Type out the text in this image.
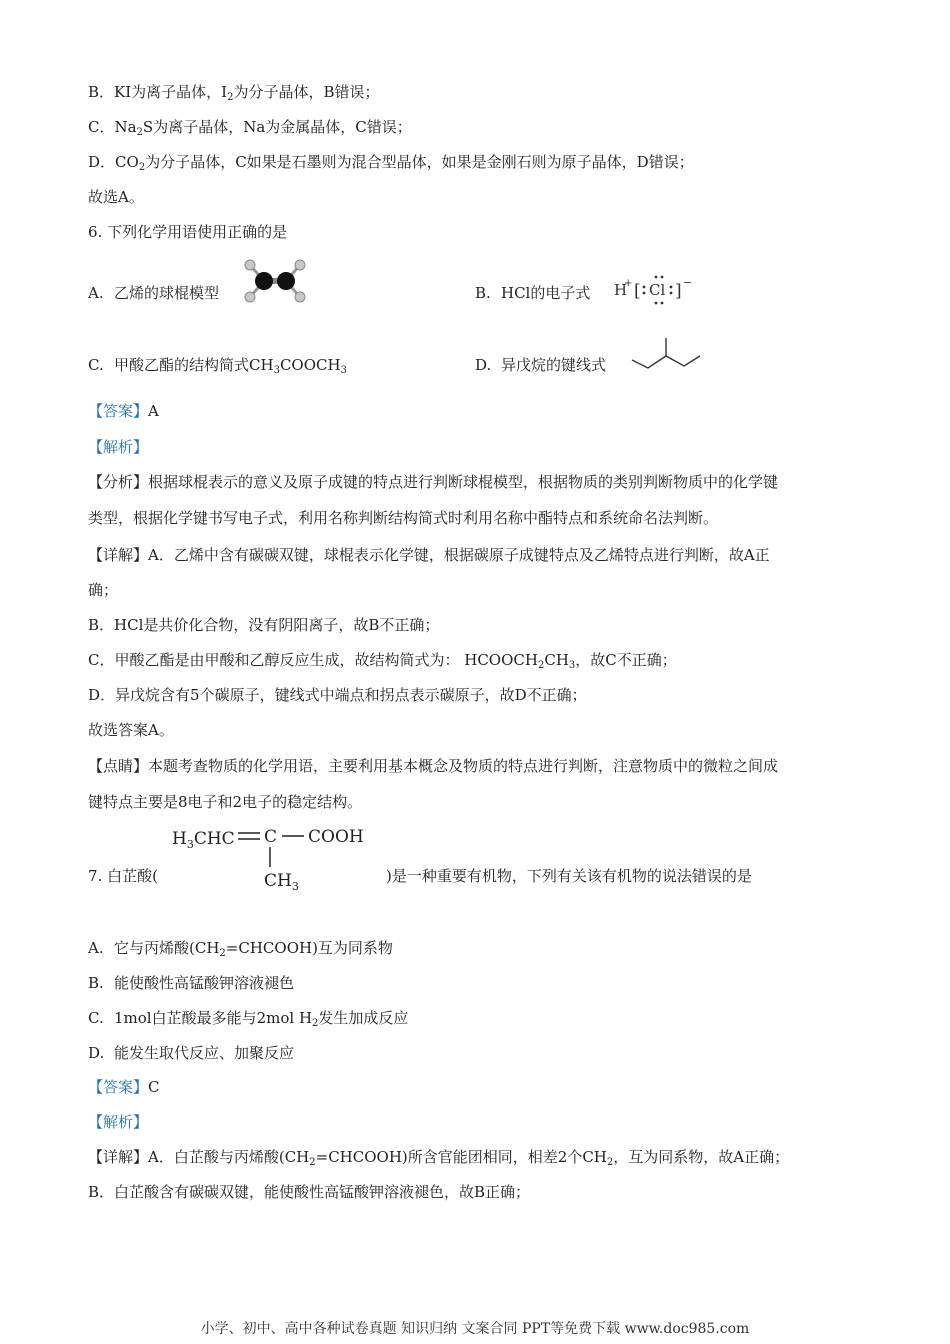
B．KI为离子晶体，$I_2$为分子晶体，B错误；
C．$Na_2S$为离子晶体，Na为金属晶体，C错误；
D．$CO_2$为分子晶体，C如果是石墨则为混合型晶体，如果是金刚石则为原子晶体，D错误；
故选A。
6. 下列化学用语使用正确的是
A. 乙烯的球棍模型	B. HCl的电子式 H
+ [ Cl ] −
C. 甲酸乙酯的结构简式$CH_3COOCH_3$	D. 异戊烷的键线式
【答案】A
【解析】
【分析】根据球棍表示的意义及原子成键的特点进行判断球棍模型，根据物质的类别判断物质中的化学键
类型，根据化学键书写电子式，利用名称判断结构简式时利用名称中酯特点和系统命名法判断。
【详解】A．乙烯中含有碳碳双键，球棍表示化学键，根据碳原子成键特点及乙烯特点进行判断，故A正
确；
B．HCl是共价化合物，没有阴阳离子，故B不正确；
C．甲酸乙酯是由甲酸和乙醇反应生成，故结构简式为： $HCOOCH_2CH_3$，故C不正确；
D．异戊烷含有5个碳原子，键线式中端点和拐点表示碳原子，故D不正确；
故选答案A。
【点睛】本题考查物质的化学用语，主要利用基本概念及物质的特点进行判断，注意物质中的微粒之间成
键特点主要是8电子和2电子的稳定结构。
7. 白芷酸(
$H_3CHC$ C COOH
$CH_3$
)是一种重要有机物，下列有关该有机物的说法错误的是
A. 它与丙烯酸$(CH_2=CHCOOH)$互为同系物
B. 能使酸性高锰酸钾溶液褪色
C. 1mol白芷酸最多能与2mol $H_2$发生加成反应
D. 能发生取代反应、加聚反应
【答案】C
【解析】
【详解】A．白芷酸与丙烯酸$(CH_2=CHCOOH)$所含官能团相同，相差2个$CH_2$，互为同系物，故A正确；
B．白芷酸含有碳碳双键，能使酸性高锰酸钾溶液褪色，故B正确；
小学、初中、高中各种试卷真题 知识归纳 文案合同 PPT等免费下载 www.doc985.com
